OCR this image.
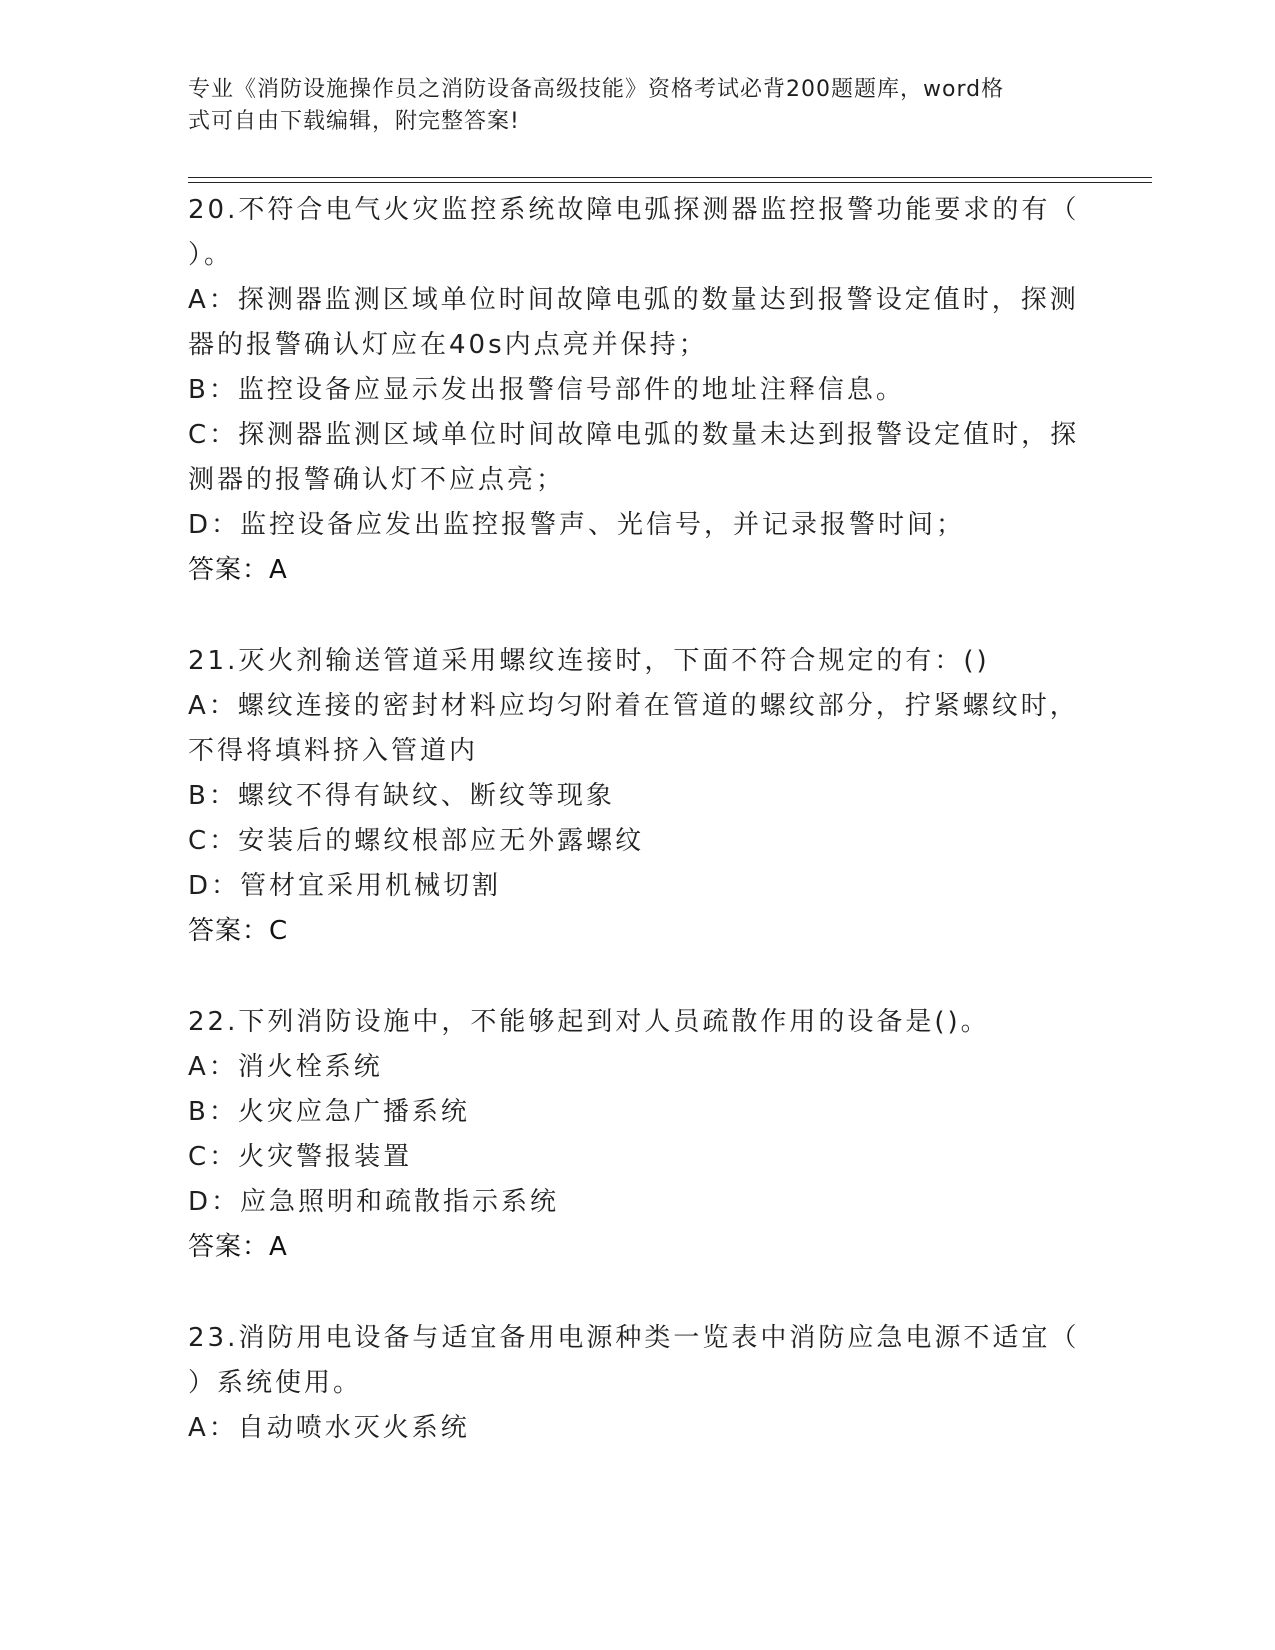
专业《消防设施操作员之消防设备高级技能》资格考试必背200题题库，word格
式可自由下载编辑，附完整答案!
20.不符合电气火灾监控系统故障电弧探测器监控报警功能要求的有（
）。
A：探测器监测区域单位时间故障电弧的数量达到报警设定值时，探测
器的报警确认灯应在40s内点亮并保持；
B：监控设备应显示发出报警信号部件的地址注释信息。
C：探测器监测区域单位时间故障电弧的数量未达到报警设定值时，探
测器的报警确认灯不应点亮；
D：监控设备应发出监控报警声、光信号，并记录报警时间；
答案：A
21.灭火剂输送管道采用螺纹连接时，下面不符合规定的有：()
A：螺纹连接的密封材料应均匀附着在管道的螺纹部分，拧紧螺纹时，
不得将填料挤入管道内
B：螺纹不得有缺纹、断纹等现象
C：安装后的螺纹根部应无外露螺纹
D：管材宜采用机械切割
答案：C
22.下列消防设施中，不能够起到对人员疏散作用的设备是()。
A：消火栓系统
B：火灾应急广播系统
C：火灾警报装置
D：应急照明和疏散指示系统
答案：A
23.消防用电设备与适宜备用电源种类一览表中消防应急电源不适宜（
）系统使用。
A：自动喷水灭火系统
